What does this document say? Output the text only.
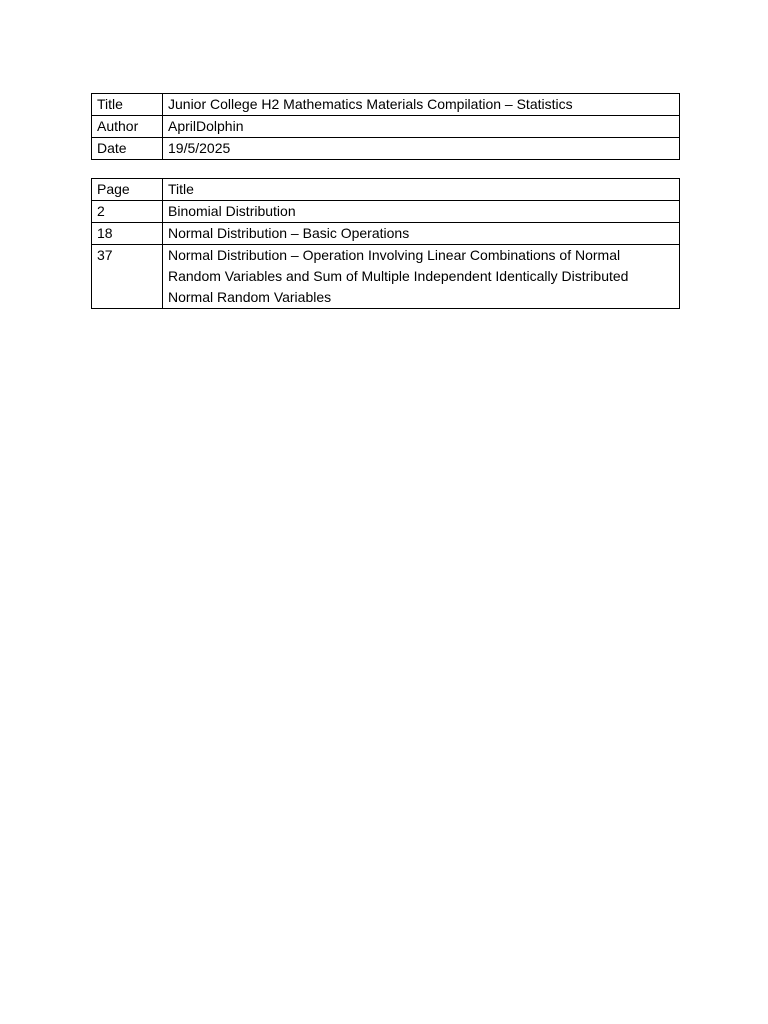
Title	Junior College H2 Mathematics Materials Compilation – Statistics
Author	AprilDolphin
Date	19/5/2025
Page	Title
2	Binomial Distribution
18	Normal Distribution – Basic Operations
37	Normal Distribution – Operation Involving Linear Combinations of Normal Random Variables and Sum of Multiple Independent Identically Distributed Normal Random Variables
